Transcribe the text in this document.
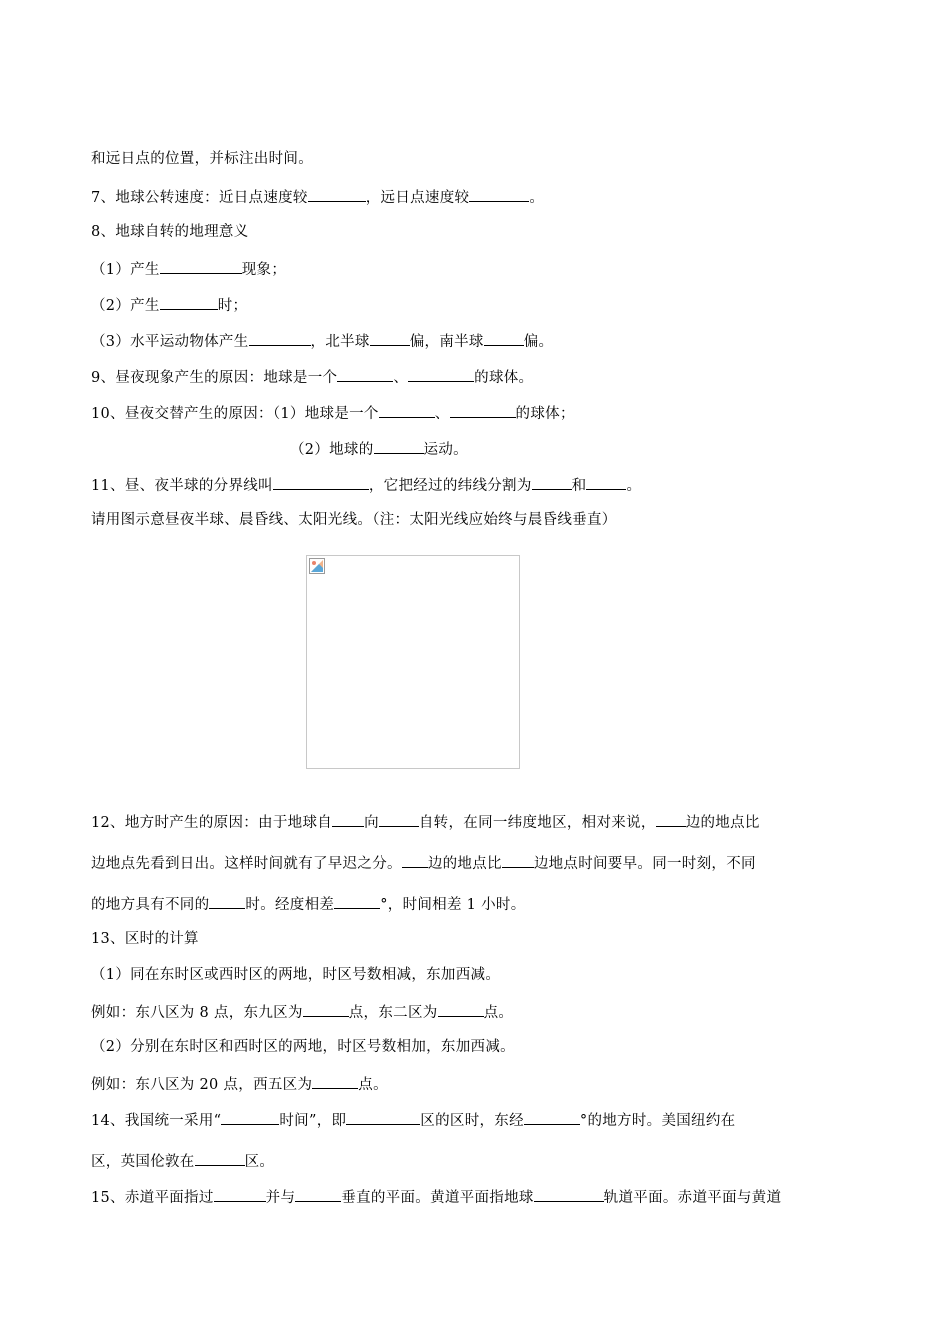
和远日点的位置，并标注出时间。
7、地球公转速度：近日点速度较	，远日点速度较	。
8、地球自转的地理意义
（1）产生	现象；
（2）产生	时；
（3）水平运动物体产生	，北半球	偏，南半球	偏。
9、昼夜现象产生的原因：地球是一个	、	的球体。
10、昼夜交替产生的原因：（1）地球是一个	、	的球体；
（2）地球的	运动。
11、昼、夜半球的分界线叫	，它把经过的纬线分割为	和	。
请用图示意昼夜半球、晨昏线、太阳光线。（注：太阳光线应始终与晨昏线垂直）
12、地方时产生的原因：由于地球自 向	自转，在同一纬度地区，相对来说， 边的地点比
边地点先看到日出。这样时间就有了早迟之分。 边的地点比 边地点时间要早。同一时刻，不同
的地方具有不同的 时。经度相差	°，时间相差 1 小时。
13、区时的计算
（1）同在东时区或西时区的两地，时区号数相减，东加西减。
例如：东八区为 8 点，东九区为	点，东二区为	点。
（2）分别在东时区和西时区的两地，时区号数相加，东加西减。
例如：东八区为 20 点，西五区为	点。
14、我国统一采用“	时间”，即	区的区时，东经	°的地方时。美国纽约在
区，英国伦敦在	区。
15、赤道平面指过	并与	垂直的平面。黄道平面指地球	轨道平面。赤道平面与黄道
